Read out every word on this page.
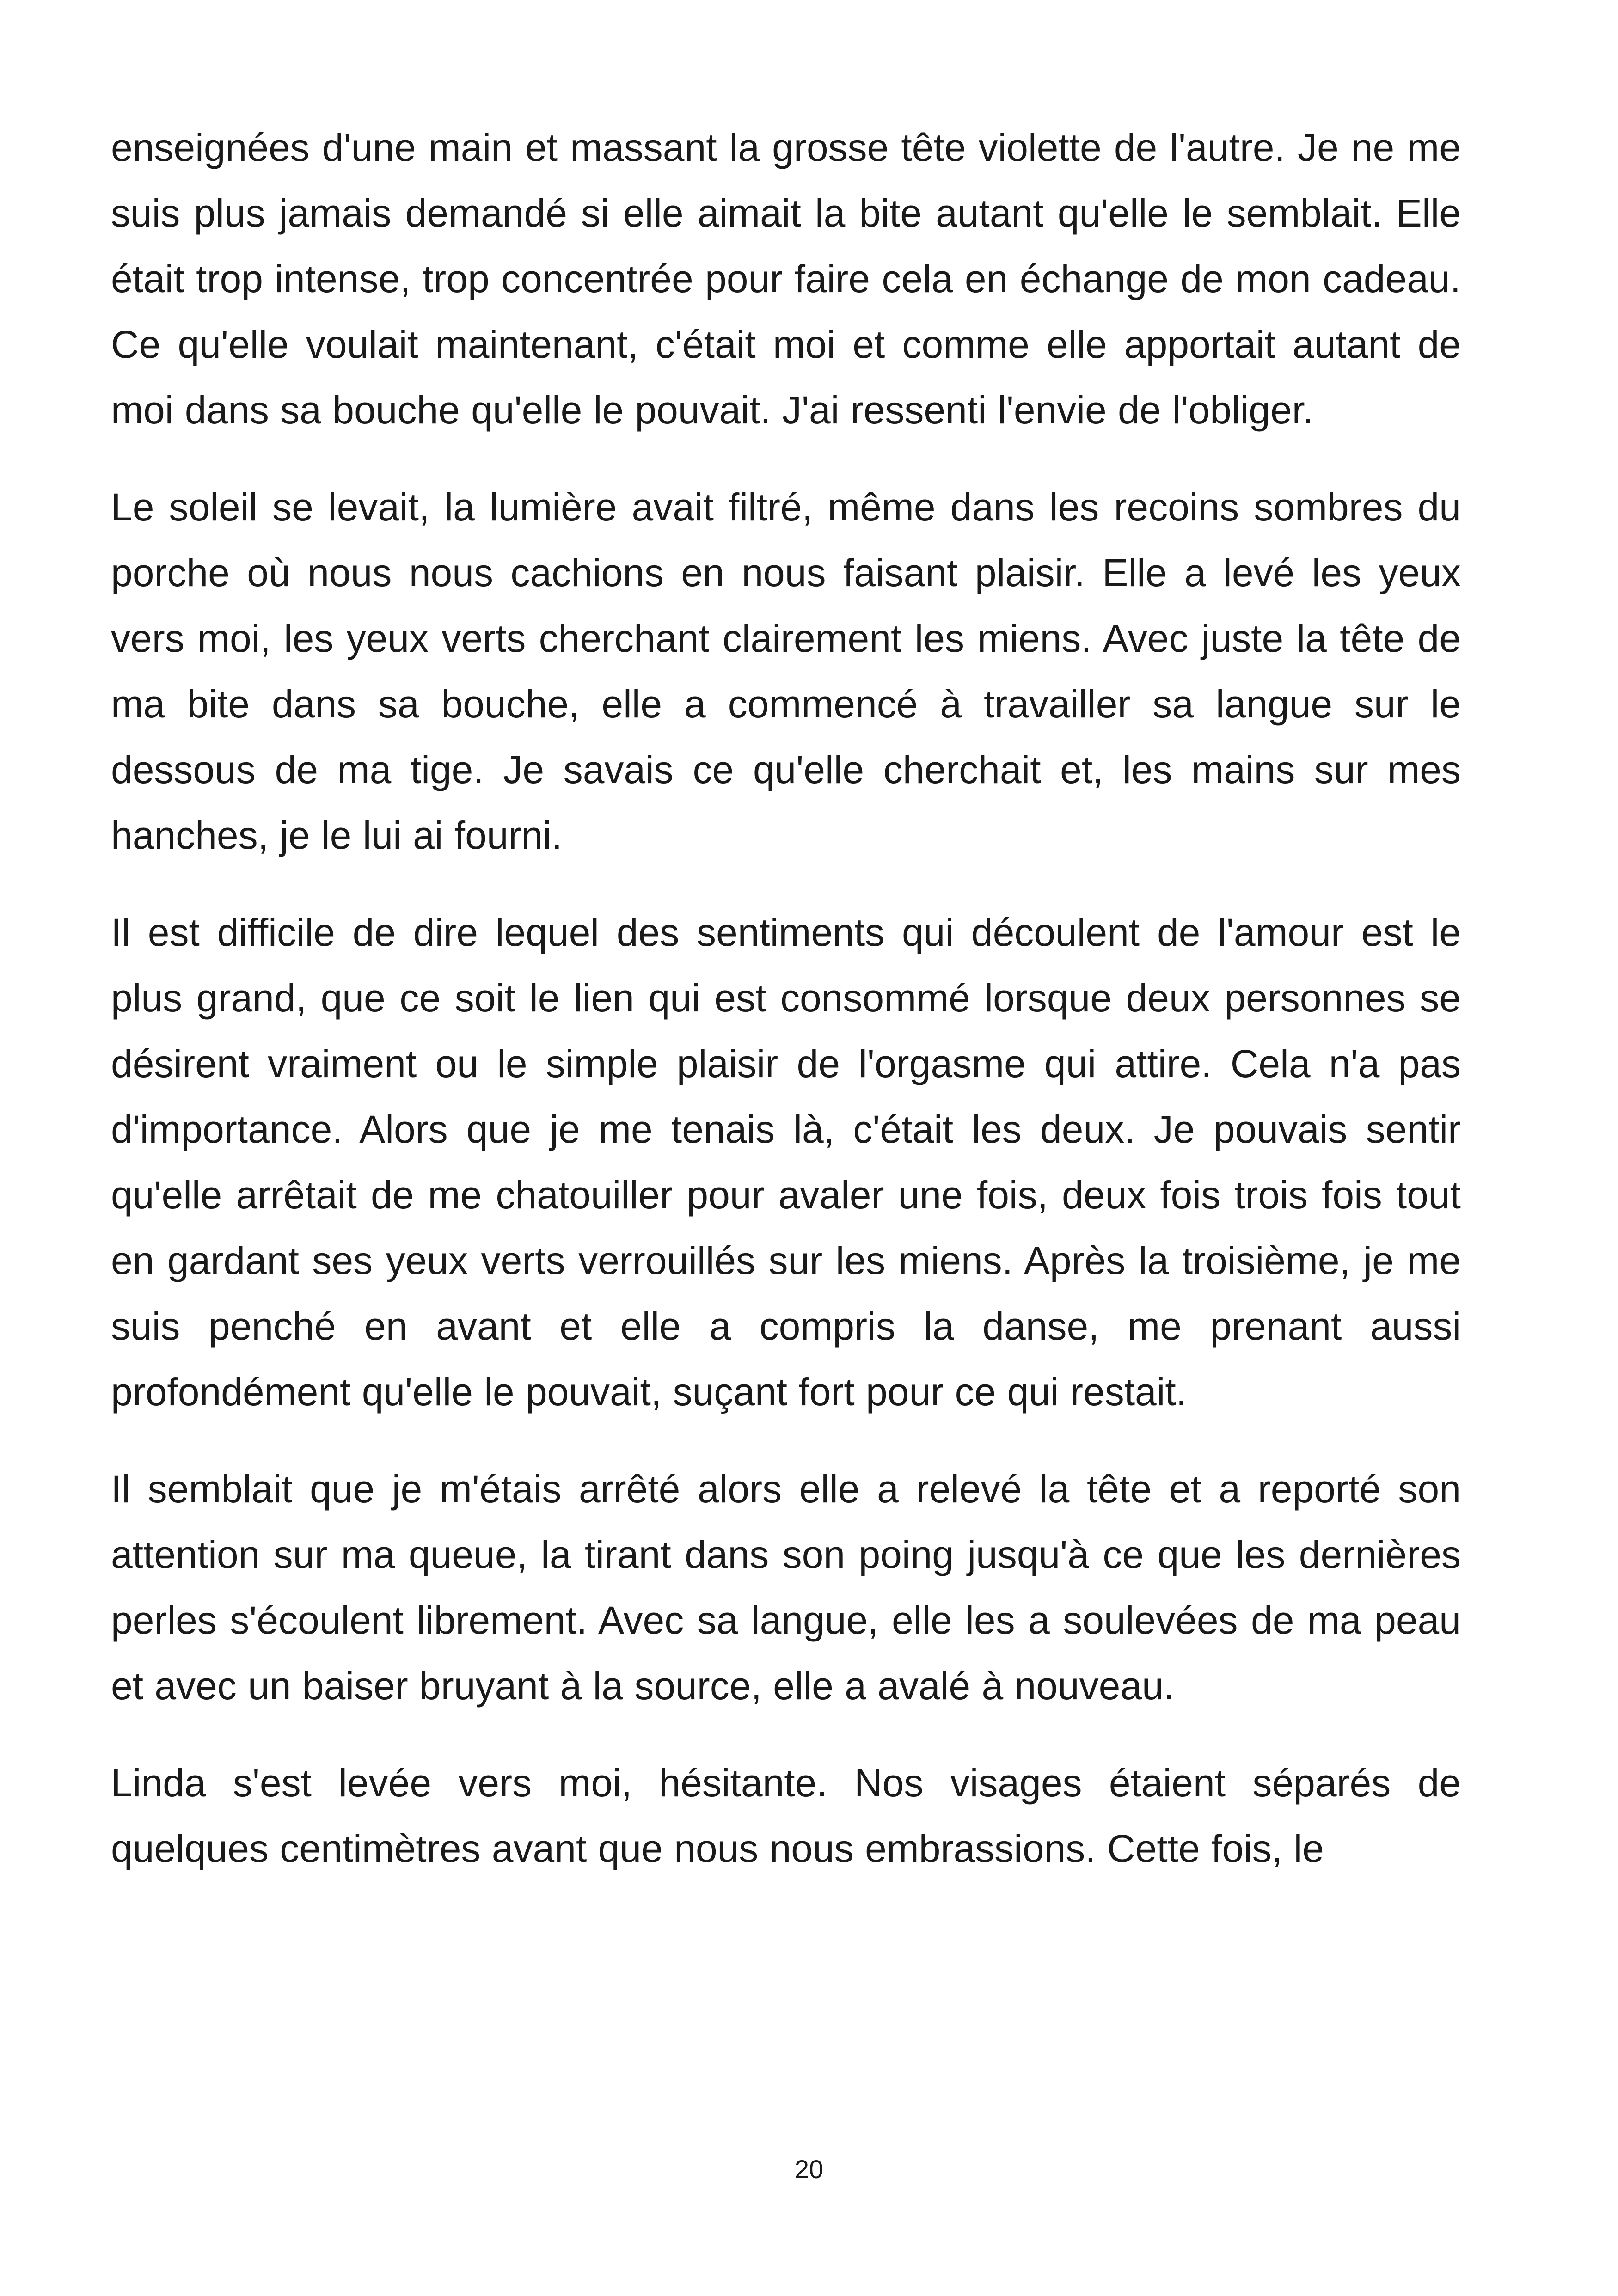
enseignées d'une main et massant la grosse tête violette de l'autre. Je ne me suis plus jamais demandé si elle aimait la bite autant qu'elle le semblait. Elle était trop intense, trop concentrée pour faire cela en échange de mon cadeau. Ce qu'elle voulait maintenant, c'était moi et comme elle apportait autant de moi dans sa bouche qu'elle le pouvait. J'ai ressenti l'envie de l'obliger.

Le soleil se levait, la lumière avait filtré, même dans les recoins sombres du porche où nous nous cachions en nous faisant plaisir. Elle a levé les yeux vers moi, les yeux verts cherchant clairement les miens. Avec juste la tête de ma bite dans sa bouche, elle a commencé à travailler sa langue sur le dessous de ma tige. Je savais ce qu'elle cherchait et, les mains sur mes hanches, je le lui ai fourni.

Il est difficile de dire lequel des sentiments qui découlent de l'amour est le plus grand, que ce soit le lien qui est consommé lorsque deux personnes se désirent vraiment ou le simple plaisir de l'orgasme qui attire. Cela n'a pas d'importance. Alors que je me tenais là, c'était les deux. Je pouvais sentir qu'elle arrêtait de me chatouiller pour avaler une fois, deux fois trois fois tout en gardant ses yeux verts verrouillés sur les miens. Après la troisième, je me suis penché en avant et elle a compris la danse, me prenant aussi profondément qu'elle le pouvait, suçant fort pour ce qui restait.

Il semblait que je m'étais arrêté alors elle a relevé la tête et a reporté son attention sur ma queue, la tirant dans son poing jusqu'à ce que les dernières perles s'écoulent librement. Avec sa langue, elle les a soulevées de ma peau et avec un baiser bruyant à la source, elle a avalé à nouveau.

Linda s'est levée vers moi, hésitante. Nos visages étaient séparés de quelques centimètres avant que nous nous embrassions. Cette fois, le

20
